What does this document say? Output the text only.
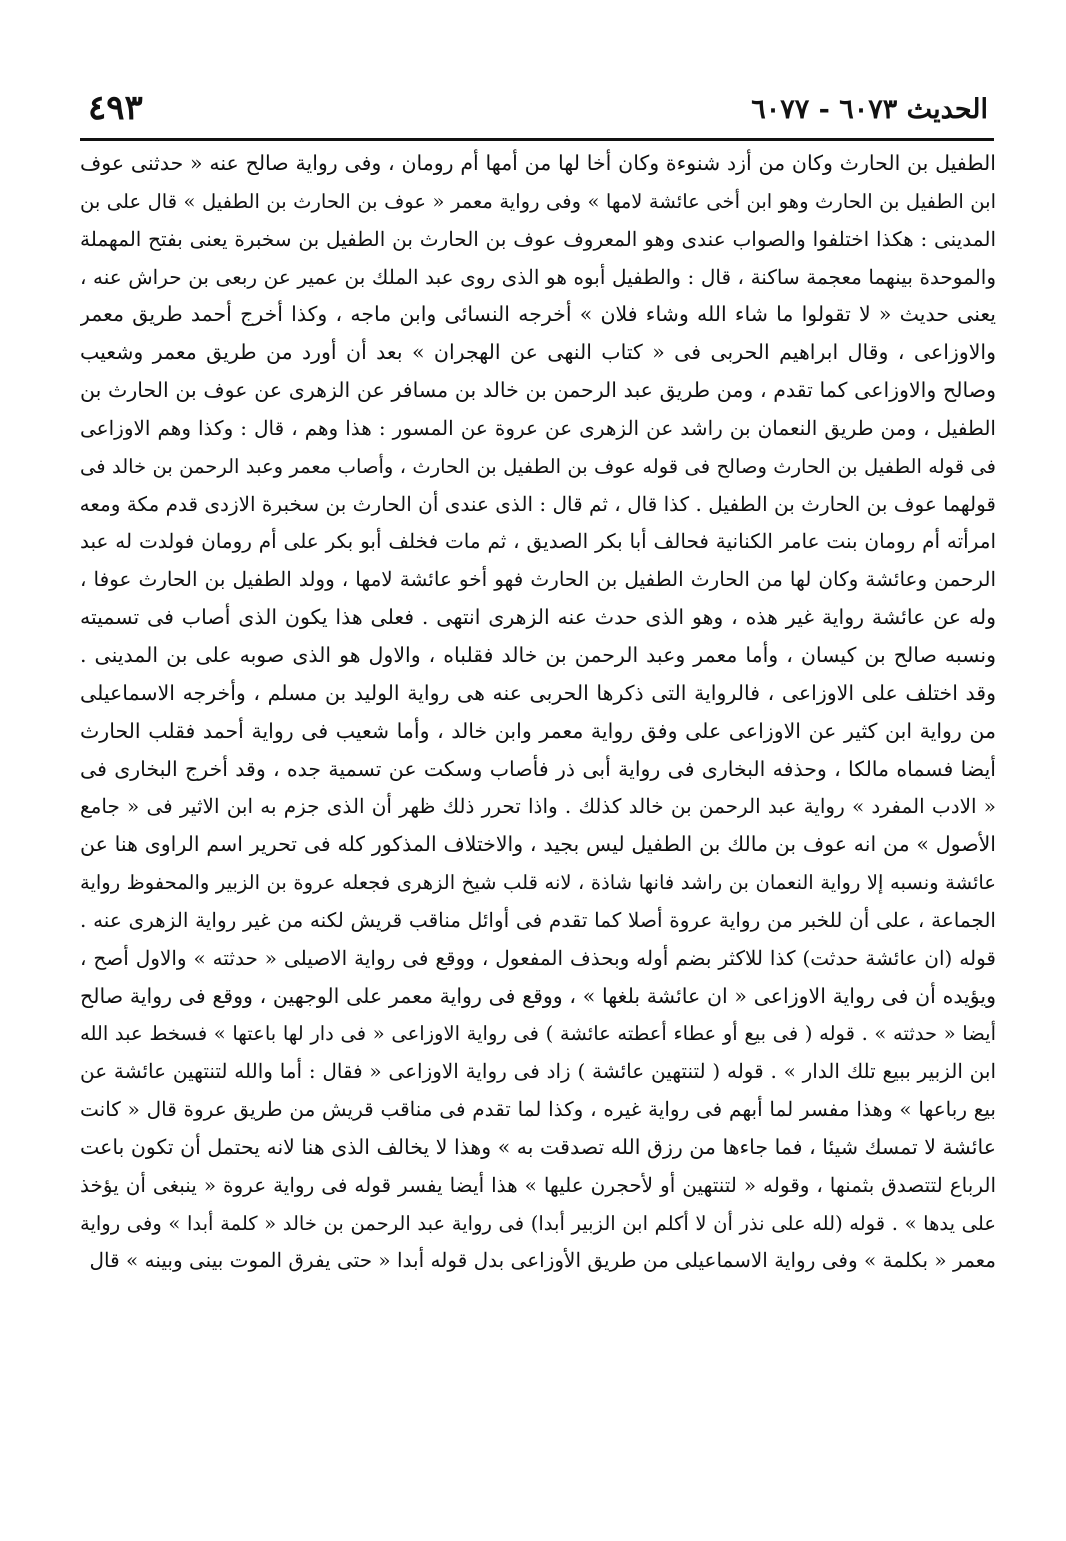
الحديث ٦٠٧٣ - ٦٠٧٧
٤٩٣
الطفيل بن الحارث وكان من أزد شنوءة وكان أخا لها من أمها أم رومان ، وفى رواية صالح عنه « حدثنى عوف
ابن الطفيل بن الحارث وهو ابن أخى عائشة لامها » وفى رواية معمر « عوف بن الحارث بن الطفيل » قال على بن
المدينى : هكذا اختلفوا والصواب عندى وهو المعروف عوف بن الحارث بن الطفيل بن سخبرة يعنى بفتح المهملة
والموحدة بينهما معجمة ساكنة ، قال : والطفيل أبوه هو الذى روى عبد الملك بن عمير عن ربعى بن حراش عنه ،
يعنى حديث « لا تقولوا ما شاء الله وشاء فلان » أخرجه النسائى وابن ماجه ، وكذا أخرج أحمد طريق معمر
والاوزاعى ، وقال ابراهيم الحربى فى « كتاب النهى عن الهجران » بعد أن أورد من طريق معمر وشعيب
وصالح والاوزاعى كما تقدم ، ومن طريق عبد الرحمن بن خالد بن مسافر عن الزهرى عن عوف بن الحارث بن
الطفيل ، ومن طريق النعمان بن راشد عن الزهرى عن عروة عن المسور : هذا وهم ، قال : وكذا وهم الاوزاعى
فى قوله الطفيل بن الحارث وصالح فى قوله عوف بن الطفيل بن الحارث ، وأصاب معمر وعبد الرحمن بن خالد فى
قولهما عوف بن الحارث بن الطفيل . كذا قال ، ثم قال : الذى عندى أن الحارث بن سخبرة الازدى قدم مكة ومعه
امرأته أم رومان بنت عامر الكنانية فحالف أبا بكر الصديق ، ثم مات فخلف أبو بكر على أم رومان فولدت له عبد
الرحمن وعائشة وكان لها من الحارث الطفيل بن الحارث فهو أخو عائشة لامها ، وولد الطفيل بن الحارث عوفا ،
وله عن عائشة رواية غير هذه ، وهو الذى حدث عنه الزهرى انتهى . فعلى هذا يكون الذى أصاب فى تسميته
ونسبه صالح بن كيسان ، وأما معمر وعبد الرحمن بن خالد فقلباه ، والاول هو الذى صوبه على بن المدينى .
وقد اختلف على الاوزاعى ، فالرواية التى ذكرها الحربى عنه هى رواية الوليد بن مسلم ، وأخرجه الاسماعيلى
من رواية ابن كثير عن الاوزاعى على وفق رواية معمر وابن خالد ، وأما شعيب فى رواية أحمد فقلب الحارث
أيضا فسماه مالكا ، وحذفه البخارى فى رواية أبى ذر فأصاب وسكت عن تسمية جده ، وقد أخرج البخارى فى
« الادب المفرد » رواية عبد الرحمن بن خالد كذلك . واذا تحرر ذلك ظهر أن الذى جزم به ابن الاثير فى « جامع
الأصول » من انه عوف بن مالك بن الطفيل ليس بجيد ، والاختلاف المذكور كله فى تحرير اسم الراوى هنا عن
عائشة ونسبه إلا رواية النعمان بن راشد فانها شاذة ، لانه قلب شيخ الزهرى فجعله عروة بن الزبير والمحفوظ رواية
الجماعة ، على أن للخبر من رواية عروة أصلا كما تقدم فى أوائل مناقب قريش لكنه من غير رواية الزهرى عنه .
قوله (ان عائشة حدثت) كذا للاكثر بضم أوله وبحذف المفعول ، ووقع فى رواية الاصيلى « حدثته » والاول أصح ،
ويؤيده أن فى رواية الاوزاعى « ان عائشة بلغها » ، ووقع فى رواية معمر على الوجهين ، ووقع فى رواية صالح
أيضا « حدثته » . قوله ( فى بيع أو عطاء أعطته عائشة ) فى رواية الاوزاعى « فى دار لها باعتها » فسخط عبد الله
ابن الزبير ببيع تلك الدار » . قوله ( لتنتهين عائشة ) زاد فى رواية الاوزاعى « فقال : أما والله لتنتهين عائشة عن
بيع رباعها » وهذا مفسر لما أبهم فى رواية غيره ، وكذا لما تقدم فى مناقب قريش من طريق عروة قال « كانت
عائشة لا تمسك شيئا ، فما جاءها من رزق الله تصدقت به » وهذا لا يخالف الذى هنا لانه يحتمل أن تكون باعت
الرباع لتتصدق بثمنها ، وقوله « لتنتهين أو لأحجرن عليها » هذا أيضا يفسر قوله فى رواية عروة « ينبغى أن يؤخذ
على يدها » . قوله (لله على نذر أن لا أكلم ابن الزبير أبدا) فى رواية عبد الرحمن بن خالد « كلمة أبدا » وفى رواية
معمر « بكلمة » وفى رواية الاسماعيلى من طريق الأوزاعى بدل قوله أبدا « حتى يفرق الموت بينى وبينه » قال
